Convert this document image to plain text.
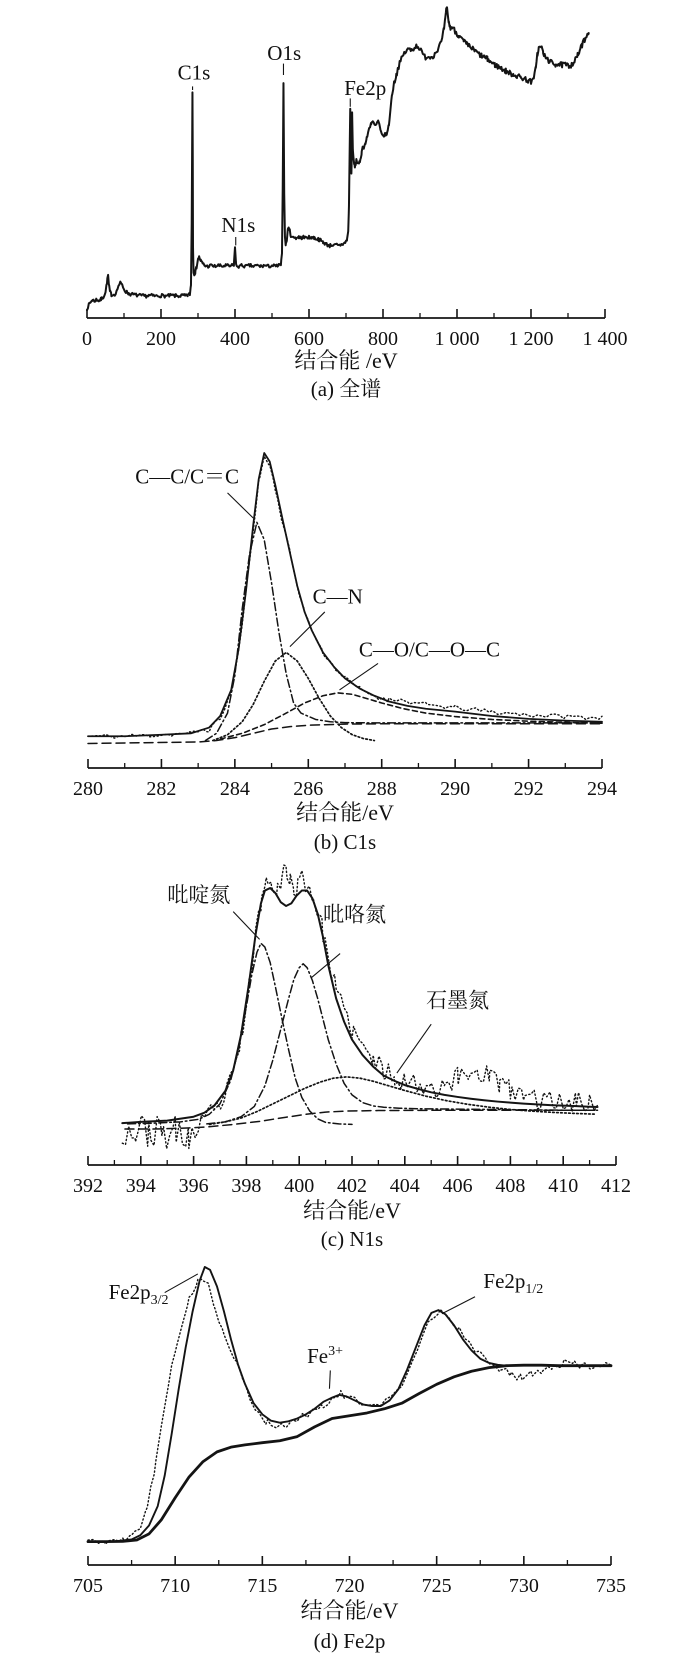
0	200 400 600 800 1 000 1 200 1 400
C1s
N1s
O1s
Fe2p
结合能 /eV
(a) 全谱
280 282 284 286 288 290 292 294
C—C/C＝C
C—N
C—O/C—O—C
结合能/eV
(b) C1s
392 394 396 398 400 402 404 406 408 410 412
吡啶氮
吡咯氮
石墨氮
结合能/eV
(c) N1s
705	710	715	720	725	730	735
$Fe2p_{3/2}$
$Fe^{3+}$
$Fe2p_{1/2}$
结合能/eV
(d) Fe2p
